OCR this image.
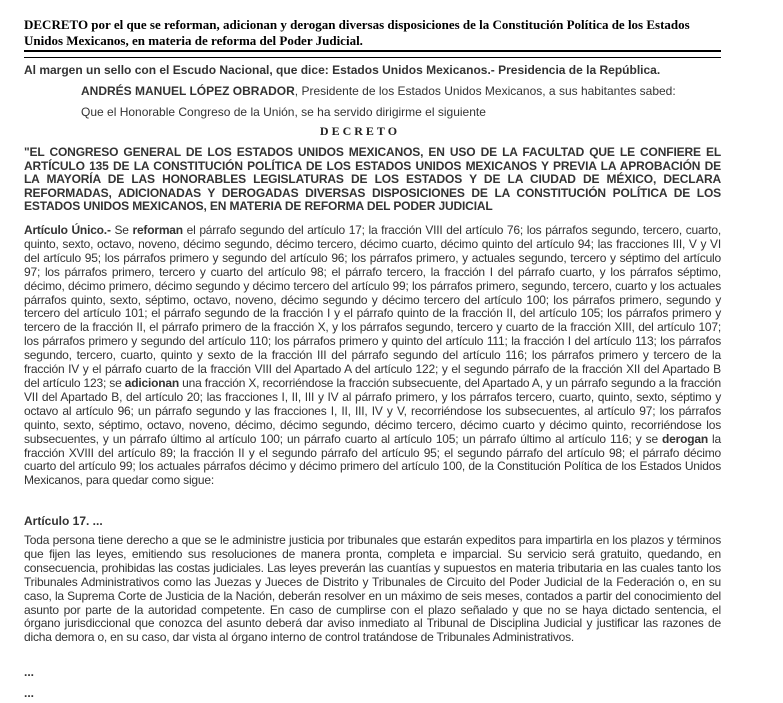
DECRETO por el que se reforman, adicionan y derogan diversas disposiciones de la Constitución Política de los Estados Unidos Mexicanos, en materia de reforma del Poder Judicial.

Al margen un sello con el Escudo Nacional, que dice: Estados Unidos Mexicanos.- Presidencia de la República.

ANDRÉS MANUEL LÓPEZ OBRADOR, Presidente de los Estados Unidos Mexicanos, a sus habitantes sabed:

Que el Honorable Congreso de la Unión, se ha servido dirigirme el siguiente

DECRETO

"EL CONGRESO GENERAL DE LOS ESTADOS UNIDOS MEXICANOS, EN USO DE LA FACULTAD QUE LE CONFIERE EL ARTÍCULO 135 DE LA CONSTITUCIÓN POLÍTICA DE LOS ESTADOS UNIDOS MEXICANOS Y PREVIA LA APROBACIÓN DE LA MAYORÍA DE LAS HONORABLES LEGISLATURAS DE LOS ESTADOS Y DE LA CIUDAD DE MÉXICO, DECLARA REFORMADAS, ADICIONADAS Y DEROGADAS DIVERSAS DISPOSICIONES DE LA CONSTITUCIÓN POLÍTICA DE LOS ESTADOS UNIDOS MEXICANOS, EN MATERIA DE REFORMA DEL PODER JUDICIAL

Artículo Único.- Se reforman el párrafo segundo del artículo 17; la fracción VIII del artículo 76; los párrafos segundo, tercero, cuarto, quinto, sexto, octavo, noveno, décimo segundo, décimo tercero, décimo cuarto, décimo quinto del artículo 94; las fracciones III, V y VI del artículo 95; los párrafos primero y segundo del artículo 96; los párrafos primero, y actuales segundo, tercero y séptimo del artículo 97; los párrafos primero, tercero y cuarto del artículo 98; el párrafo tercero, la fracción I del párrafo cuarto, y los párrafos séptimo, décimo, décimo primero, décimo segundo y décimo tercero del artículo 99; los párrafos primero, segundo, tercero, cuarto y los actuales párrafos quinto, sexto, séptimo, octavo, noveno, décimo segundo y décimo tercero del artículo 100; los párrafos primero, segundo y tercero del artículo 101; el párrafo segundo de la fracción I y el párrafo quinto de la fracción II, del artículo 105; los párrafos primero y tercero de la fracción II, el párrafo primero de la fracción X, y los párrafos segundo, tercero y cuarto de la fracción XIII, del artículo 107; los párrafos primero y segundo del artículo 110; los párrafos primero y quinto del artículo 111; la fracción I del artículo 113; los párrafos segundo, tercero, cuarto, quinto y sexto de la fracción III del párrafo segundo del artículo 116; los párrafos primero y tercero de la fracción IV y el párrafo cuarto de la fracción VIII del Apartado A del artículo 122; y el segundo párrafo de la fracción XII del Apartado B del artículo 123; se adicionan una fracción X, recorriéndose la fracción subsecuente, del Apartado A, y un párrafo segundo a la fracción VII del Apartado B, del artículo 20; las fracciones I, II, III y IV al párrafo primero, y los párrafos tercero, cuarto, quinto, sexto, séptimo y octavo al artículo 96; un párrafo segundo y las fracciones I, II, III, IV y V, recorriéndose los subsecuentes, al artículo 97; los párrafos quinto, sexto, séptimo, octavo, noveno, décimo, décimo segundo, décimo tercero, décimo cuarto y décimo quinto, recorriéndose los subsecuentes, y un párrafo último al artículo 100; un párrafo cuarto al artículo 105; un párrafo último al artículo 116; y se derogan la fracción XVIII del artículo 89; la fracción II y el segundo párrafo del artículo 95; el segundo párrafo del artículo 98; el párrafo décimo cuarto del artículo 99; los actuales párrafos décimo y décimo primero del artículo 100, de la Constitución Política de los Estados Unidos Mexicanos, para quedar como sigue:

Artículo 17. ...

Toda persona tiene derecho a que se le administre justicia por tribunales que estarán expeditos para impartirla en los plazos y términos que fijen las leyes, emitiendo sus resoluciones de manera pronta, completa e imparcial. Su servicio será gratuito, quedando, en consecuencia, prohibidas las costas judiciales. Las leyes preverán las cuantías y supuestos en materia tributaria en las cuales tanto los Tribunales Administrativos como las Juezas y Jueces de Distrito y Tribunales de Circuito del Poder Judicial de la Federación o, en su caso, la Suprema Corte de Justicia de la Nación, deberán resolver en un máximo de seis meses, contados a partir del conocimiento del asunto por parte de la autoridad competente. En caso de cumplirse con el plazo señalado y que no se haya dictado sentencia, el órgano jurisdiccional que conozca del asunto deberá dar aviso inmediato al Tribunal de Disciplina Judicial y justificar las razones de dicha demora o, en su caso, dar vista al órgano interno de control tratándose de Tribunales Administrativos.

...

...
